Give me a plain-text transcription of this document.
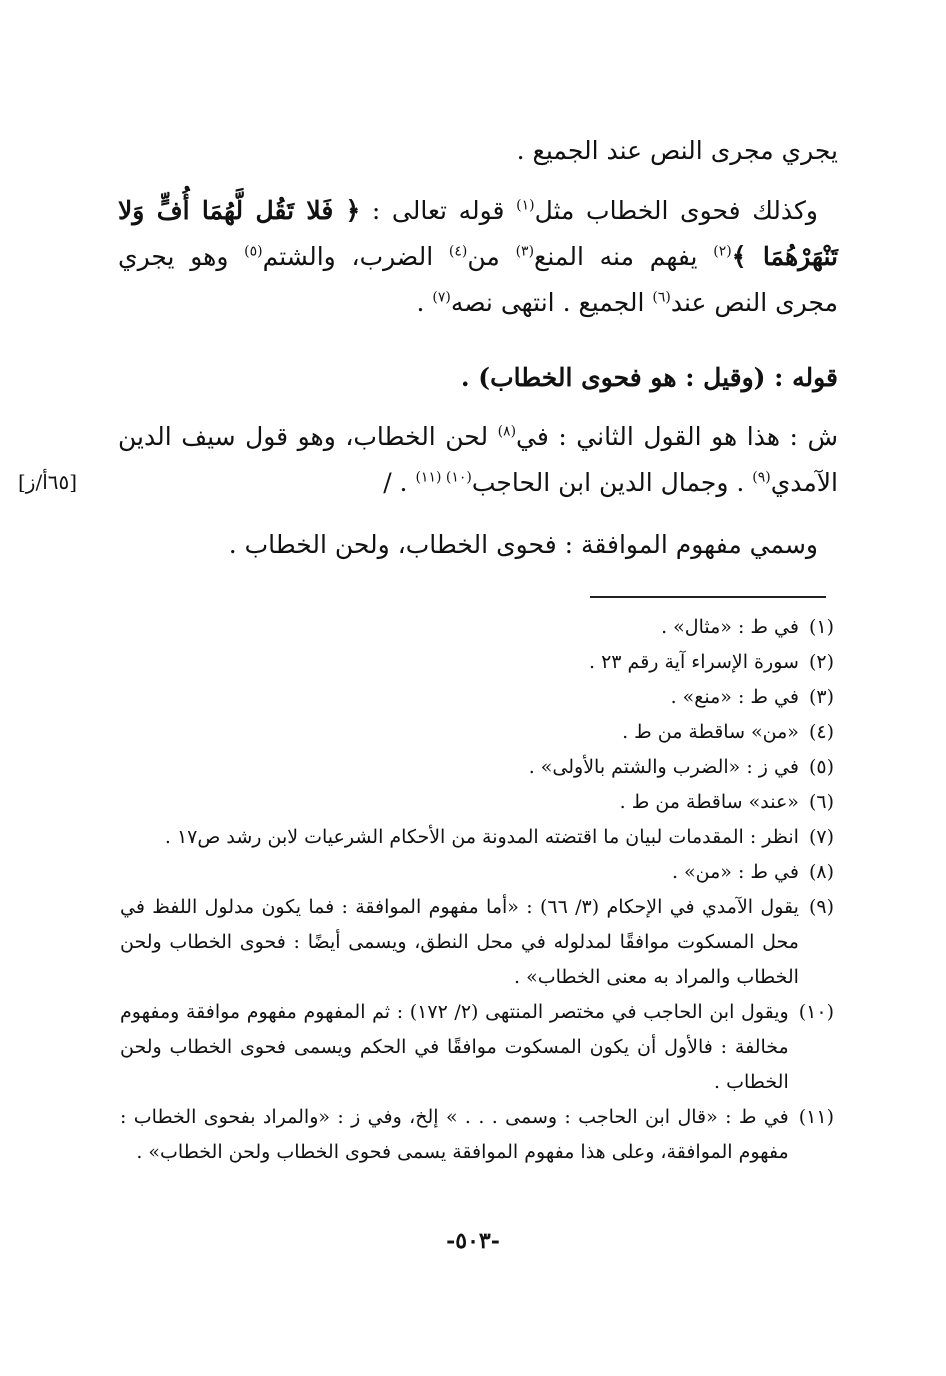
يجري مجرى النص عند الجميع .
وكذلك فحوى الخطاب مثل$^{(١)}$ قوله تعالى : ﴿ فَلا تَقُل لَّهُمَا أُفٍّ وَلا تَنْهَرْهُمَا ﴾$^{(٢)}$ يفهم منه المنع$^{(٣)}$ من$^{(٤)}$ الضرب، والشتم$^{(٥)}$ وهو يجري مجرى النص عند$^{(٦)}$ الجميع . انتهى نصه$^{(٧)}$ .
قوله : (وقيل : هو فحوى الخطاب) .
ش : هذا هو القول الثاني : في$^{(٨)}$ لحن الخطاب، وهو قول سيف الدين الآمدي$^{(٩)}$ . وجمال الدين ابن الحاجب$^{(١٠) (١١)}$ . /
[٦٥أ/ز]
وسمي مفهوم الموافقة : فحوى الخطاب، ولحن الخطاب .
(١)
في ط : «مثال» .
(٢)
سورة الإسراء آية رقم ٢٣ .
(٣)
في ط : «منع» .
(٤)
«من» ساقطة من ط .
(٥)
في ز : «الضرب والشتم بالأولى» .
(٦)
«عند» ساقطة من ط .
(٧)
انظر : المقدمات لبيان ما اقتضته المدونة من الأحكام الشرعيات لابن رشد ص١٧ .
(٨)
في ط : «من» .
(٩)
يقول الآمدي في الإحكام (٣/ ٦٦) : «أما مفهوم الموافقة : فما يكون مدلول اللفظ في محل المسكوت موافقًا لمدلوله في محل النطق، ويسمى أيضًا : فحوى الخطاب ولحن الخطاب والمراد به معنى الخطاب» .
(١٠)
ويقول ابن الحاجب في مختصر المنتهى (٢/ ١٧٢) : ثم المفهوم مفهوم موافقة ومفهوم مخالفة : فالأول أن يكون المسكوت موافقًا في الحكم ويسمى فحوى الخطاب ولحن الخطاب .
(١١)
في ط : «قال ابن الحاجب : وسمى . . . » إلخ، وفي ز : «والمراد بفحوى الخطاب : مفهوم الموافقة، وعلى هذا مفهوم الموافقة يسمى فحوى الخطاب ولحن الخطاب» .
-٥٠٣-
